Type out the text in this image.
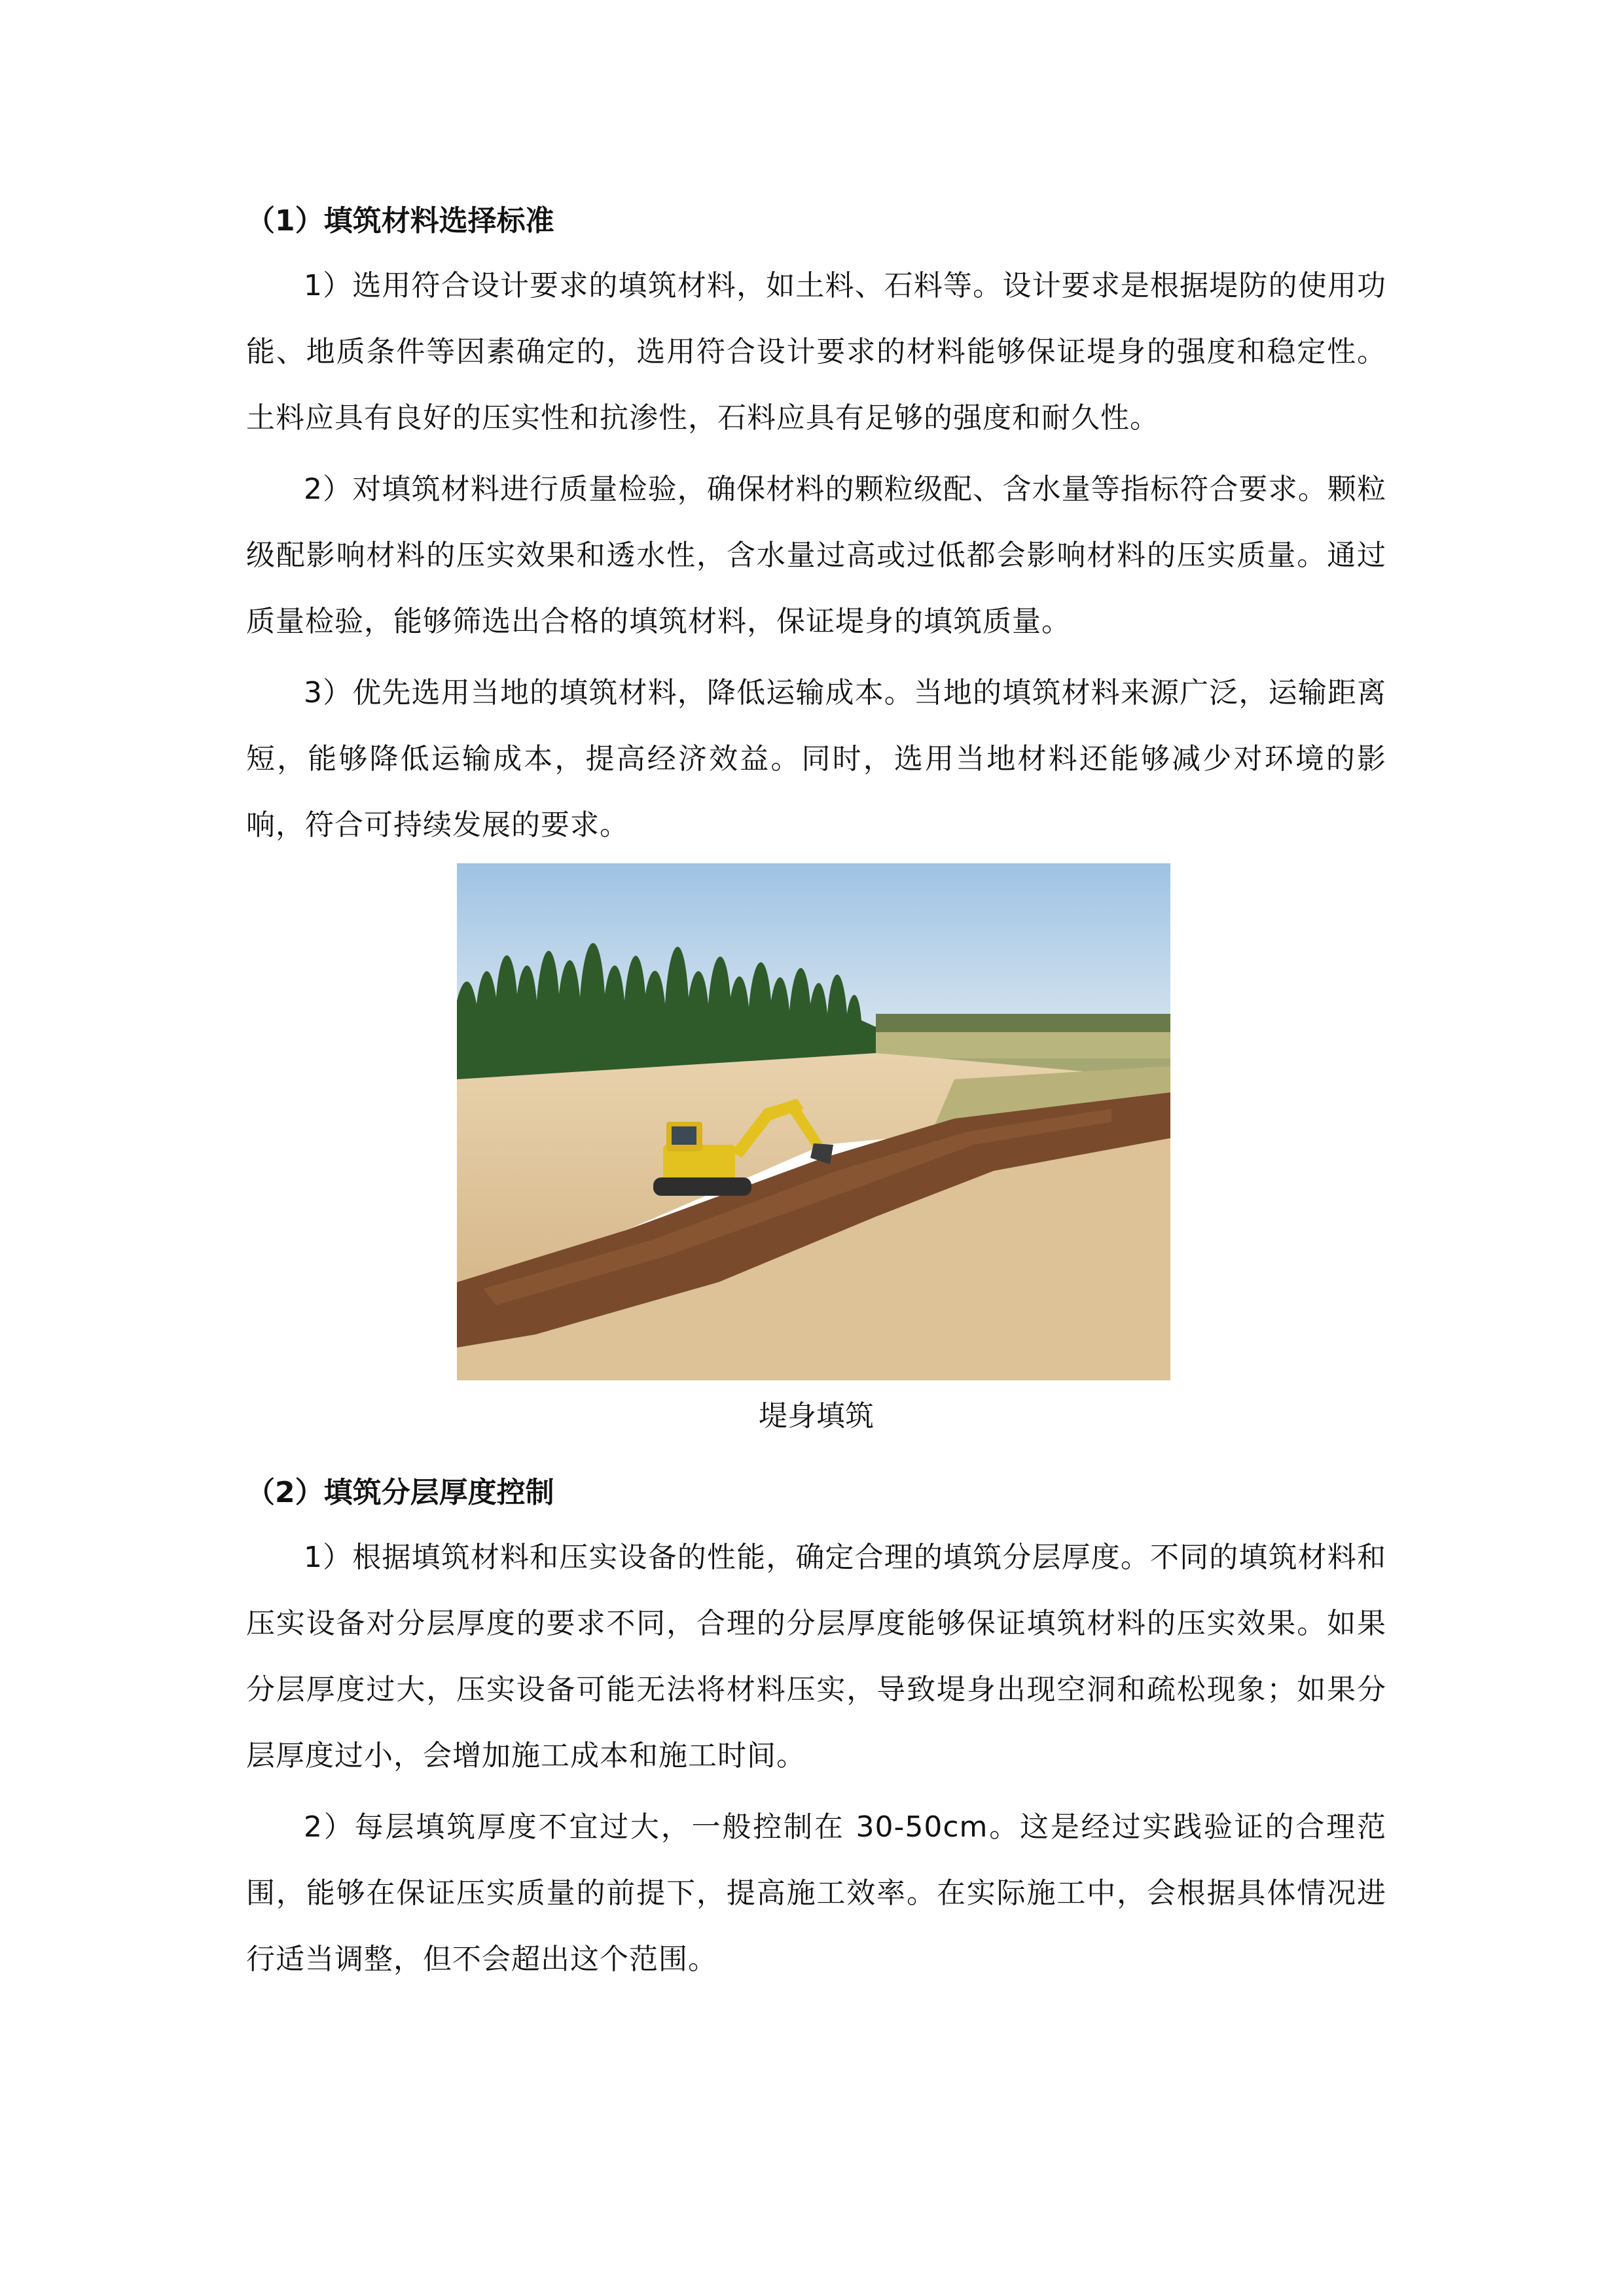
（1）填筑材料选择标准

1）选用符合设计要求的填筑材料，如土料、石料等。设计要求是根据堤防的使用功能、地质条件等因素确定的，选用符合设计要求的材料能够保证堤身的强度和稳定性。土料应具有良好的压实性和抗渗性，石料应具有足够的强度和耐久性。

2）对填筑材料进行质量检验，确保材料的颗粒级配、含水量等指标符合要求。颗粒级配影响材料的压实效果和透水性，含水量过高或过低都会影响材料的压实质量。通过质量检验，能够筛选出合格的填筑材料，保证堤身的填筑质量。

3）优先选用当地的填筑材料，降低运输成本。当地的填筑材料来源广泛，运输距离短，能够降低运输成本，提高经济效益。同时，选用当地材料还能够减少对环境的影响，符合可持续发展的要求。

堤身填筑
（2）填筑分层厚度控制

1）根据填筑材料和压实设备的性能，确定合理的填筑分层厚度。不同的填筑材料和压实设备对分层厚度的要求不同，合理的分层厚度能够保证填筑材料的压实效果。如果分层厚度过大，压实设备可能无法将材料压实，导致堤身出现空洞和疏松现象；如果分层厚度过小，会增加施工成本和施工时间。

2）每层填筑厚度不宜过大，一般控制在 30-50cm。这是经过实践验证的合理范围，能够在保证压实质量的前提下，提高施工效率。在实际施工中，会根据具体情况进行适当调整，但不会超出这个范围。
